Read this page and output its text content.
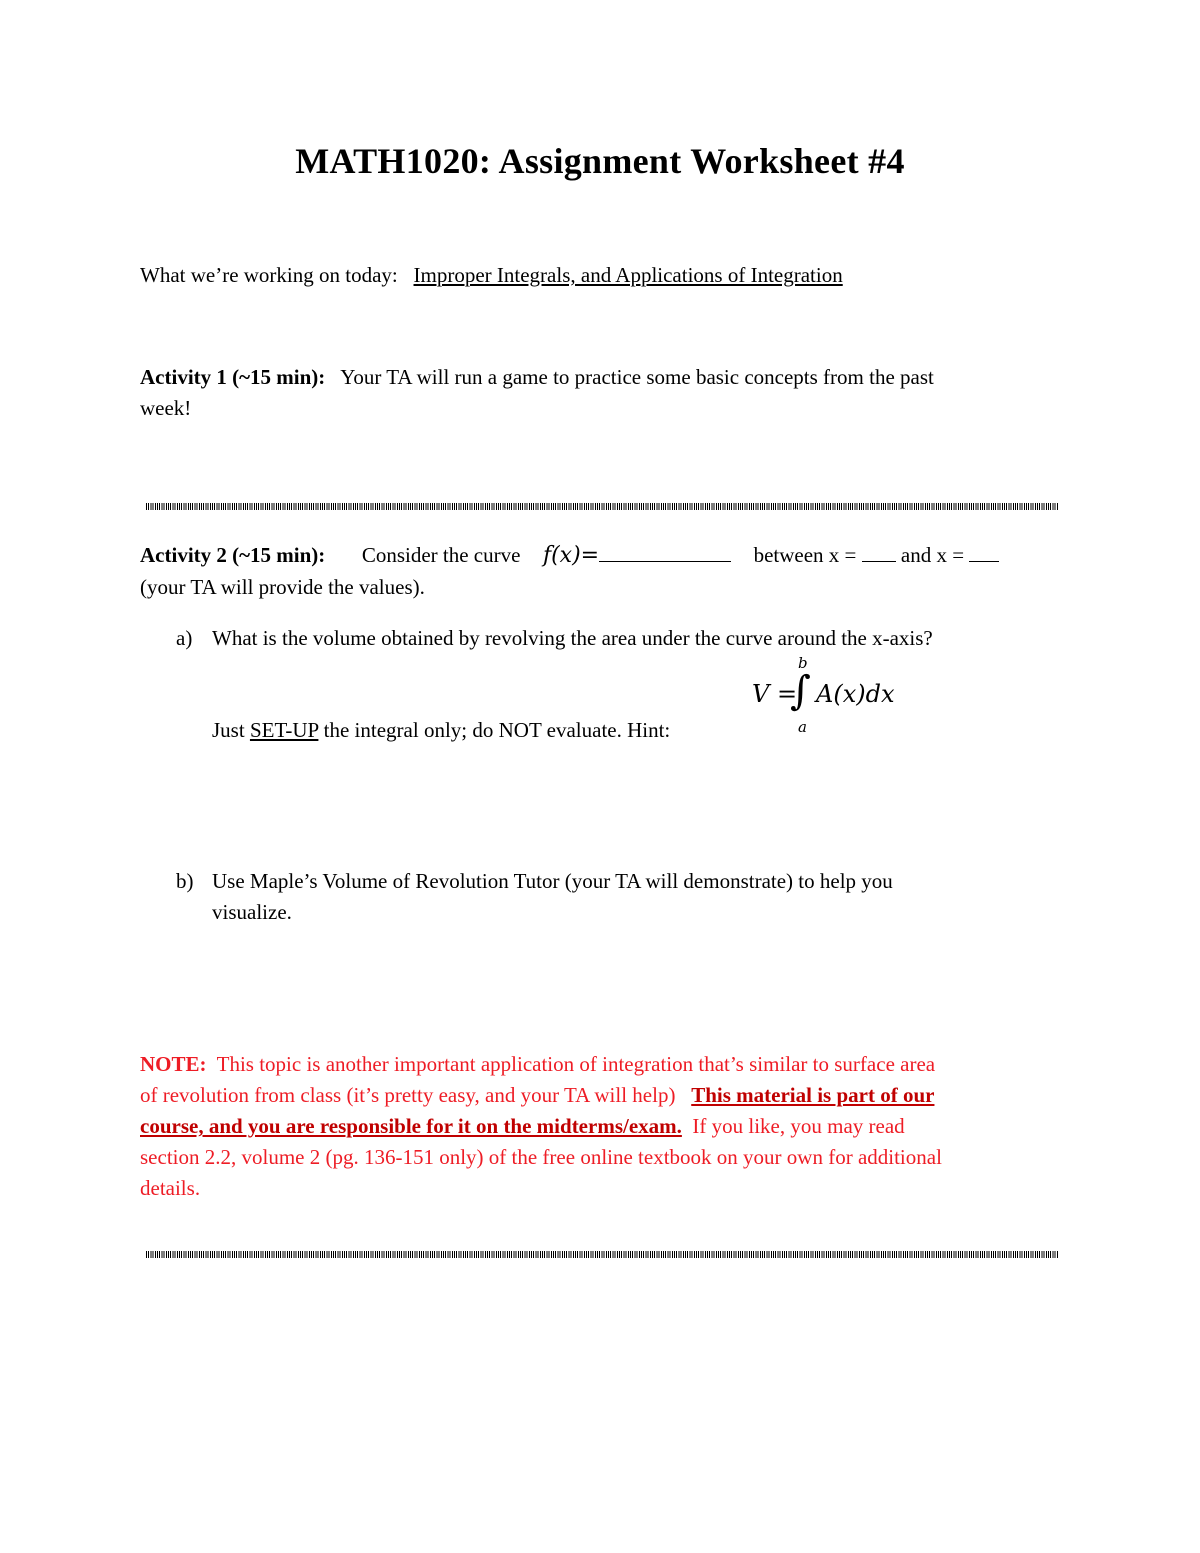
MATH1020: Assignment Worksheet #4
What we’re working on today: Improper Integrals, and Applications of Integration
Activity 1 (~15 min): Your TA will run a game to practice some basic concepts from the past
week!
Activity 2 (~15 min): Consider the curve f(x)=	between x = and x =
(your TA will provide the values).
a) What is the volume obtained by revolving the area under the curve around the x-axis?
b
V =
∫ A(x)dx
a
Just SET-UP the integral only; do NOT evaluate. Hint:
b) Use Maple’s Volume of Revolution Tutor (your TA will demonstrate) to help you
visualize.
NOTE: This topic is another important application of integration that’s similar to surface area
of revolution from class (it’s pretty easy, and your TA will help) This material is part of our
course, and you are responsible for it on the midterms/exam. If you like, you may read
section 2.2, volume 2 (pg. 136-151 only) of the free online textbook on your own for additional
details.
